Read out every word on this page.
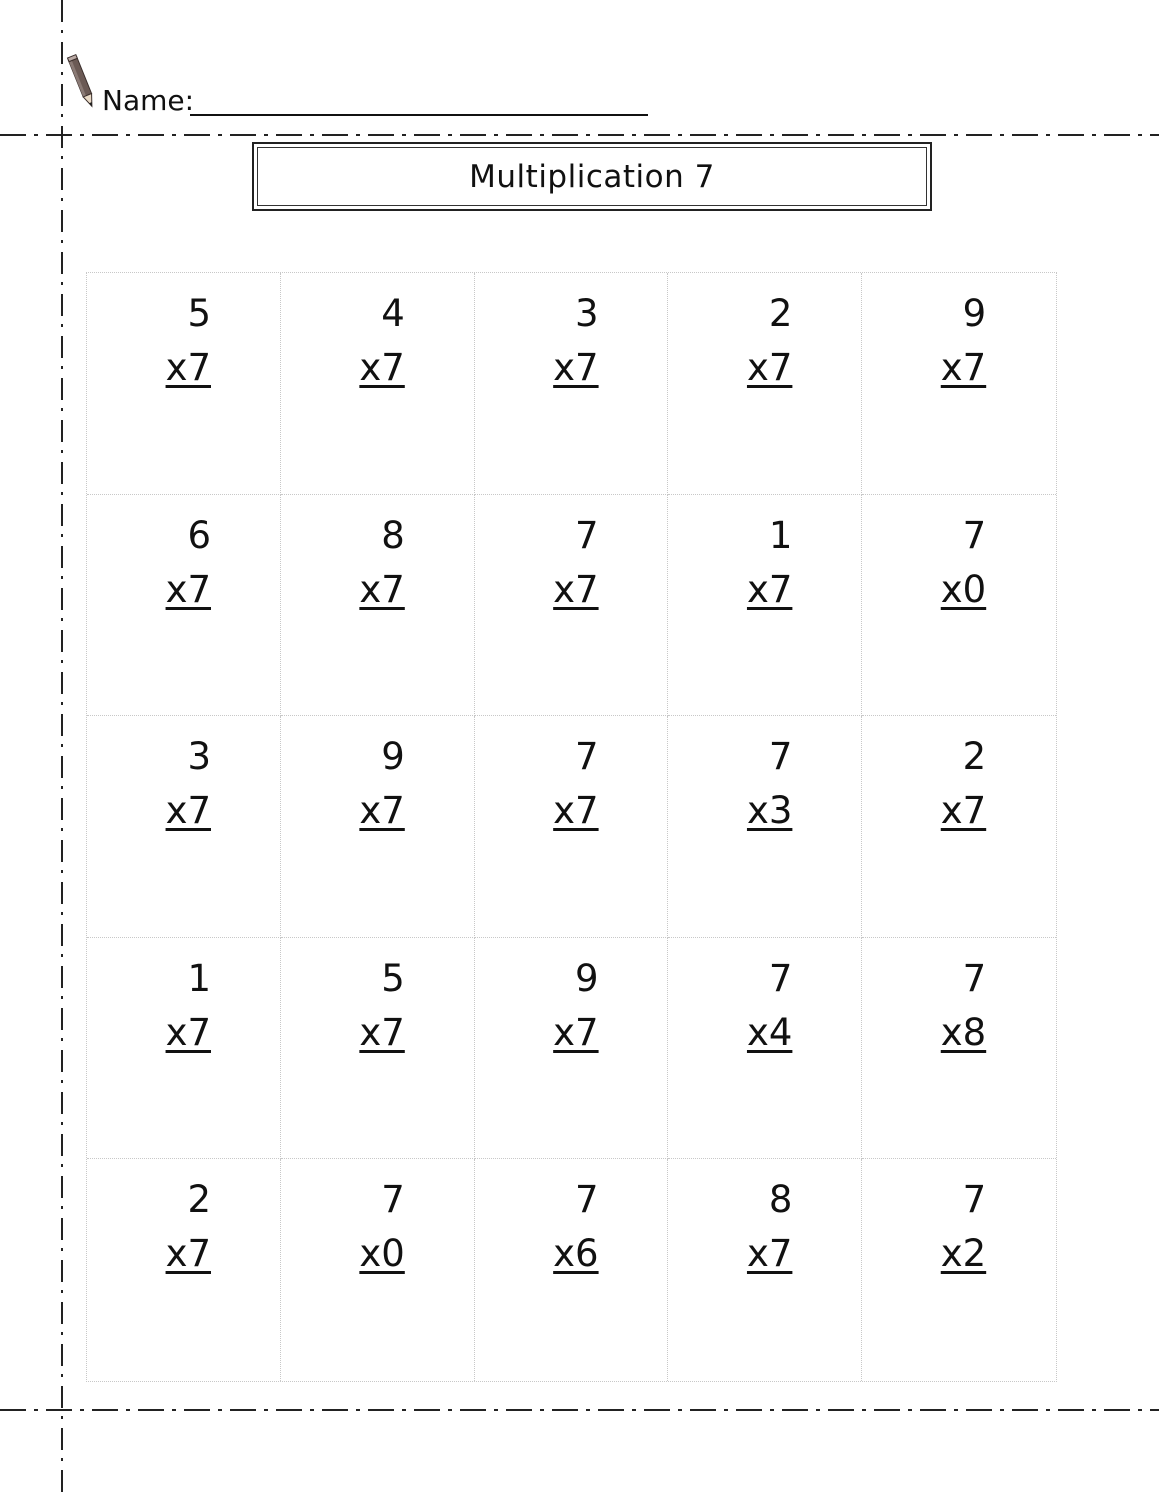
Name:
Multiplication 7
5
x7
4
x7
3
x7
2
x7
9
x7
6
x7
8
x7
7
x7
1
x7
7
x0
3
x7
9
x7
7
x7
7
x3
2
x7
1
x7
5
x7
9
x7
7
x4
7
x8
2
x7
7
x0
7
x6
8
x7
7
x2
